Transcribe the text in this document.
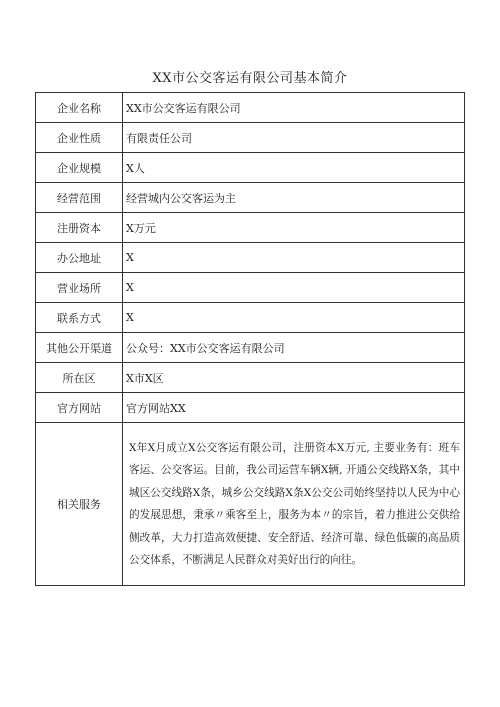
XX市公交客运有限公司基本简介
企业名称	XX市公交客运有限公司
企业性质	有限责任公司
企业规模	X人
经营范围	经营城内公交客运为主
注册资本	X万元
办公地址	X
营业场所	X
联系方式	X
其他公开渠道	公众号：XX市公交客运有限公司
所在区	X市X区
官方网站	官方网站XX
相关服务	X年X月成立X公交客运有限公司，注册资本X万元, 主要业务有：班车客运、公交客运。目前，我公司运营车辆X辆, 开通公交线路X条，其中城区公交线路X条，城乡公交线路X条X公交公司始终坚持以人民为中心的发展思想，秉承〃乘客至上，服务为本〃的宗旨，着力推进公交供给侧改革，大力打造高效便捷、安全舒适、经济可靠、绿色低碳的高品质公交体系，不断满足人民群众对美好出行的向往。
